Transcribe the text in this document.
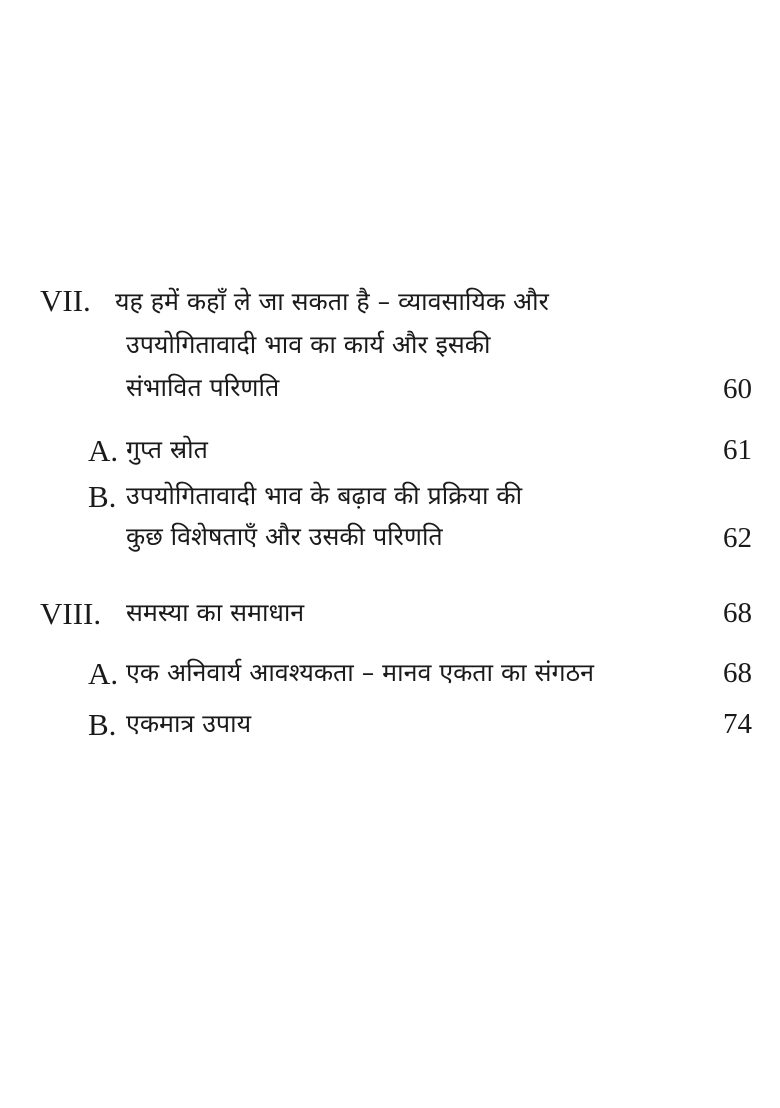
VII. यह हमें कहाँ ले जा सकता है – व्यावसायिक और
उपयोगितावादी भाव का कार्य और इसकी
संभावित परिणति	60
A. गुप्त स्रोत	61
B. उपयोगितावादी भाव के बढ़ाव की प्रक्रिया की
कुछ विशेषताएँ और उसकी परिणति	62
VIII. समस्या का समाधान	68
A. एक अनिवार्य आवश्यकता – मानव एकता का संगठन	68
B. एकमात्र उपाय	74
